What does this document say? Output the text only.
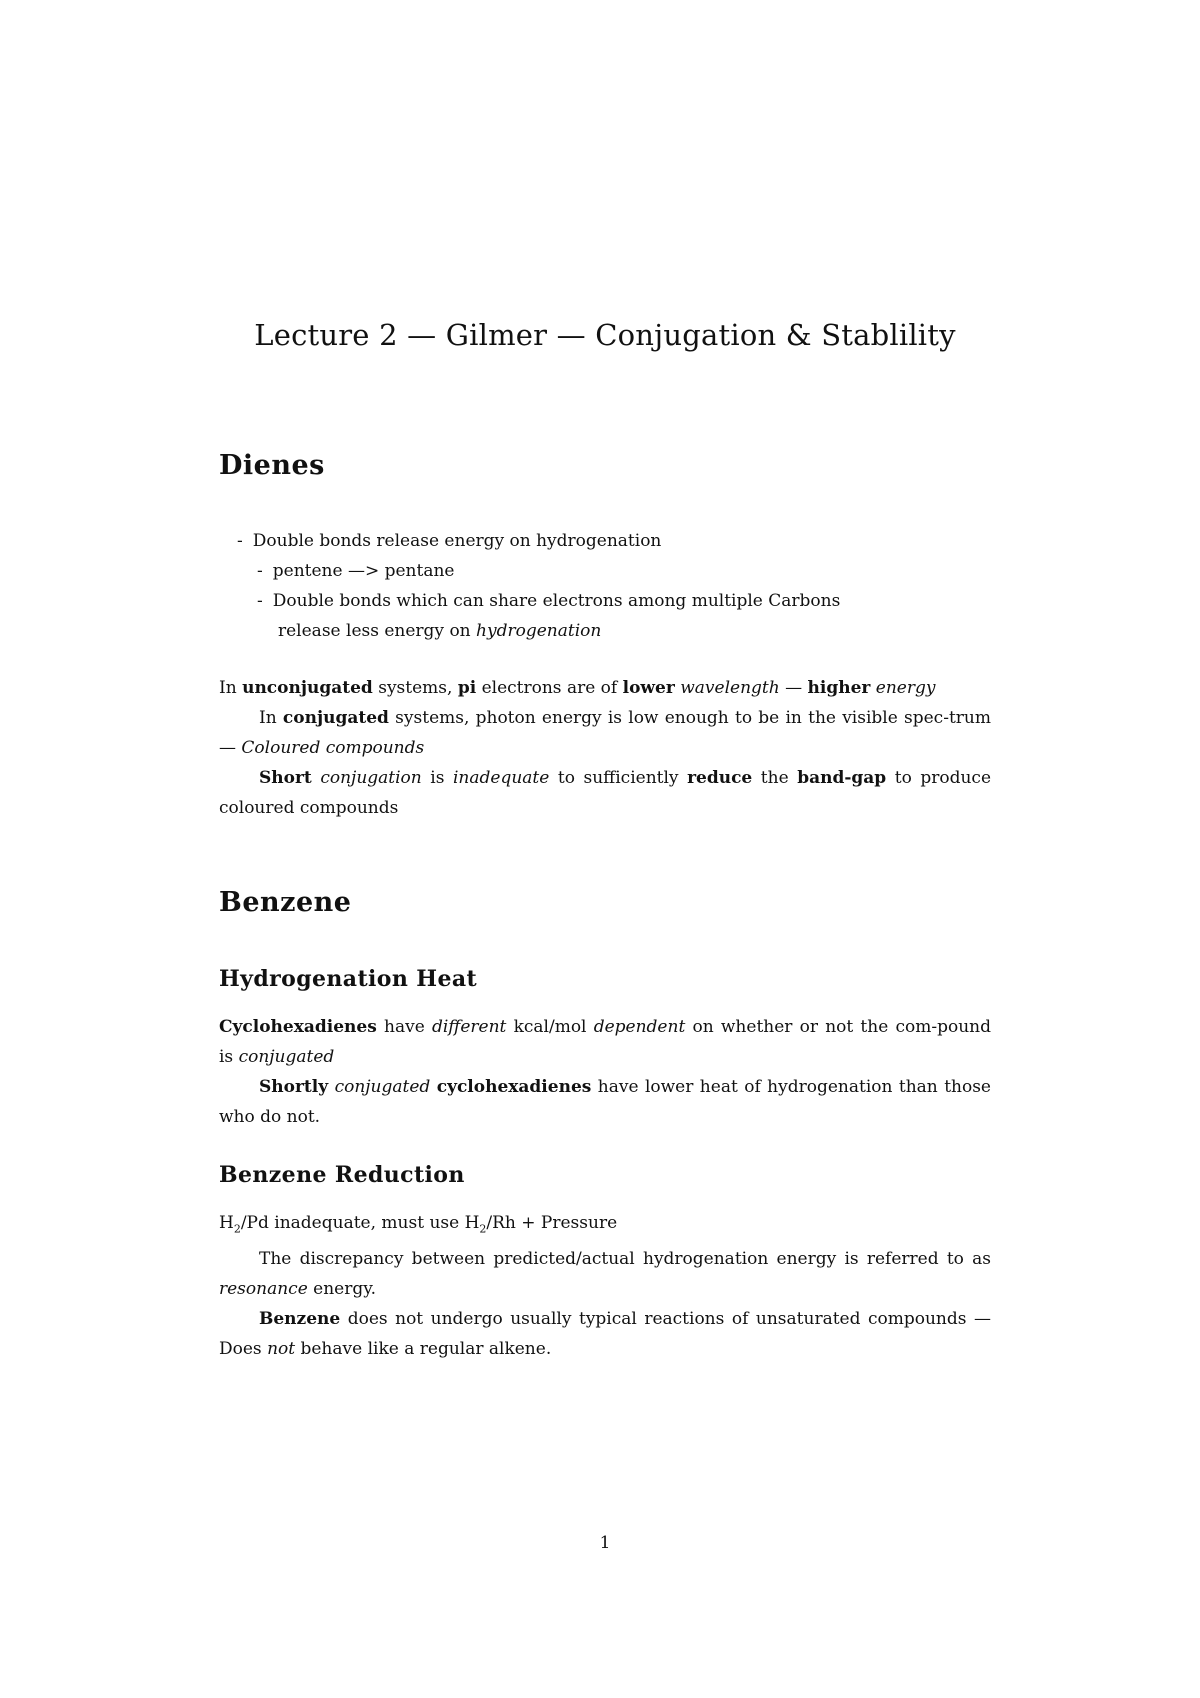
Lecture 2 — Gilmer — Conjugation & Stablility
Dienes
- Double bonds release energy on hydrogenation
- pentene —> pentane
- Double bonds which can share electrons among multiple Carbons
release less energy on hydrogenation

In unconjugated systems, pi electrons are of lower wavelength — higher energy

In conjugated systems, photon energy is low enough to be in the visible spec-trum — Coloured compounds

Short conjugation is inadequate to sufficiently reduce the band-gap to produce coloured compounds

Benzene
Hydrogenation Heat

Cyclohexadienes have different kcal/mol dependent on whether or not the com-pound is conjugated

Shortly conjugated cyclohexadienes have lower heat of hydrogenation than those who do not.

Benzene Reduction

$H_2/Pd$ inadequate, must use $H_2/Rh$ + Pressure

The discrepancy between predicted/actual hydrogenation energy is referred to as resonance energy.

Benzene does not undergo usually typical reactions of unsaturated compounds — Does not behave like a regular alkene.

1
